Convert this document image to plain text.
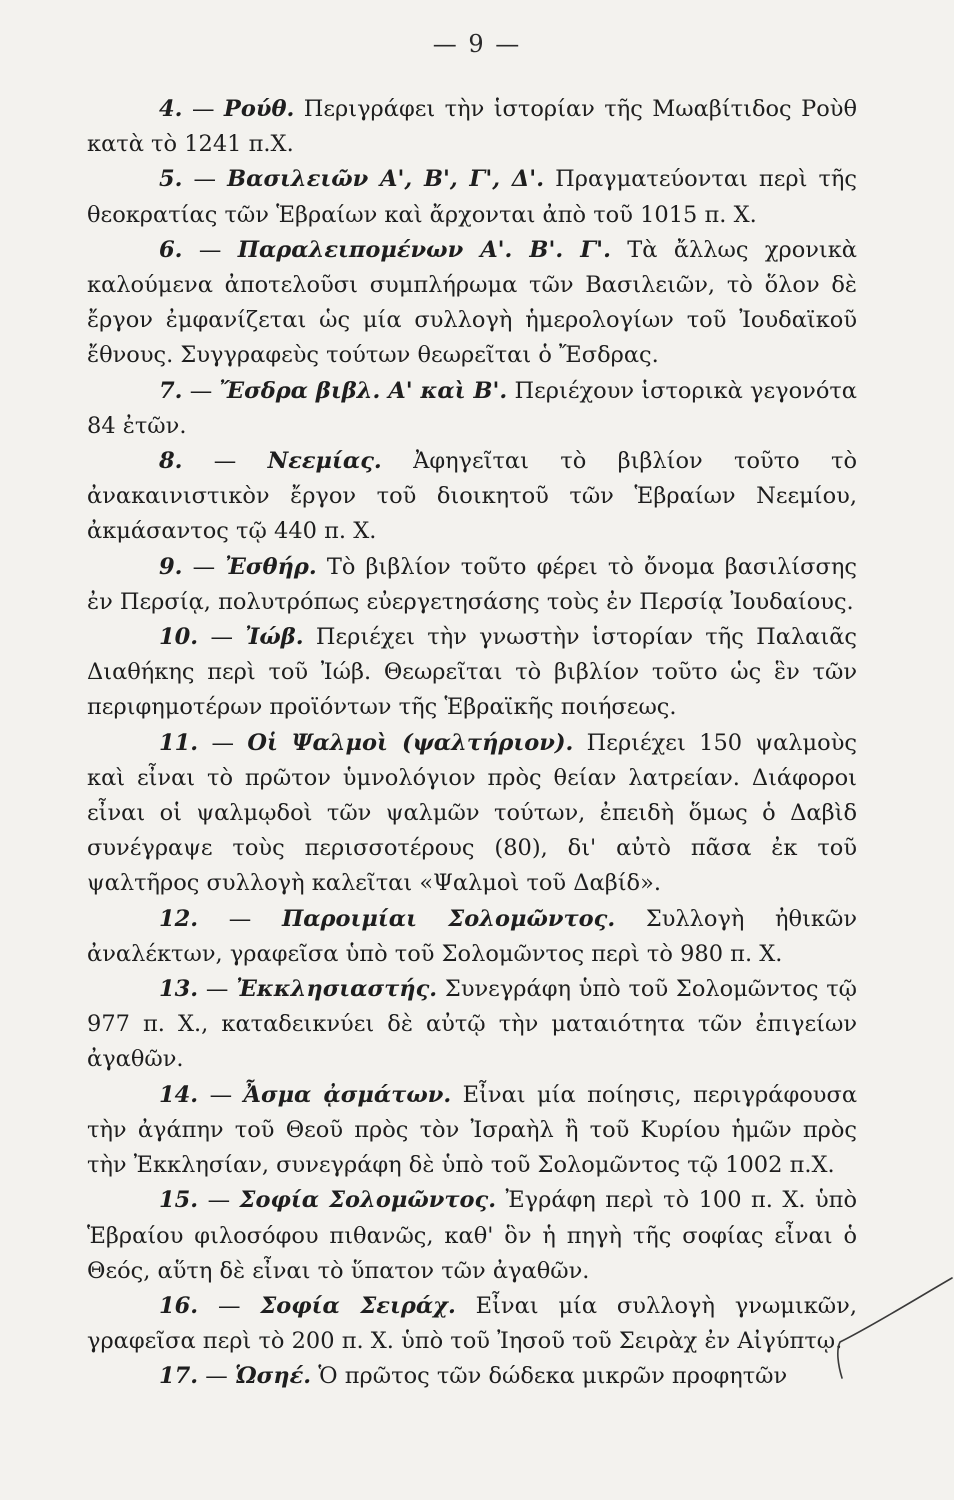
— 9 —

4. — Ρούθ. Περιγράφει τὴν ἱστορίαν τῆς Μωαβίτιδος Ροὺθ κατὰ τὸ 1241 π.Χ.

5. — Βασιλειῶν Α', Β', Γ', Δ'. Πραγματεύονται περὶ τῆς θεοκρατίας τῶν Ἑβραίων καὶ ἄρχονται ἀπὸ τοῦ 1015 π. Χ.

6. — Παραλειπομένων Α'. Β'. Γ'. Τὰ ἄλλως χρονικὰ καλούμενα ἀποτελοῦσι συμπλήρωμα τῶν Βασιλειῶν, τὸ ὅλον δὲ ἔργον ἐμφανίζεται ὡς μία συλλογὴ ἡμερολογίων τοῦ Ἰουδαϊκοῦ ἔθνους. Συγγραφεὺς τούτων θεωρεῖται ὁ Ἔσδρας.

7. — Ἔσδρα βιβλ. Α' καὶ Β'. Περιέχουν ἱστορικὰ γεγονότα 84 ἐτῶν.

8. — Νεεμίας. Ἀφηγεῖται τὸ βιβλίον τοῦτο τὸ ἀνακαινιστικὸν ἔργον τοῦ διοικητοῦ τῶν Ἑβραίων Νεεμίου, ἀκμάσαντος τῷ 440 π. Χ.

9. — Ἐσθήρ. Τὸ βιβλίον τοῦτο φέρει τὸ ὄνομα βασιλίσσης ἐν Περσίᾳ, πολυτρόπως εὐεργετησάσης τοὺς ἐν Περσίᾳ Ἰουδαίους.

10. — Ἰώβ. Περιέχει τὴν γνωστὴν ἱστορίαν τῆς Παλαιᾶς Διαθήκης περὶ τοῦ Ἰώβ. Θεωρεῖται τὸ βιβλίον τοῦτο ὡς ἓν τῶν περιφημοτέρων προϊόντων τῆς Ἑβραϊκῆς ποιήσεως.

11. — Οἱ Ψαλμοὶ (ψαλτήριον). Περιέχει 150 ψαλμοὺς καὶ εἶναι τὸ πρῶτον ὑμνολόγιον πρὸς θείαν λατρείαν. Διάφοροι εἶναι οἱ ψαλμῳδοὶ τῶν ψαλμῶν τούτων, ἐπειδὴ ὅμως ὁ Δαβὶδ συνέγραψε τοὺς περισσοτέρους (80), δι' αὐτὸ πᾶσα ἐκ τοῦ ψαλτῆρος συλλογὴ καλεῖται «Ψαλμοὶ τοῦ Δαβίδ».

12. — Παροιμίαι Σολομῶντος. Συλλογὴ ἠθικῶν ἀναλέκτων, γραφεῖσα ὑπὸ τοῦ Σολομῶντος περὶ τὸ 980 π. Χ.

13. — Ἐκκλησιαστής. Συνεγράφη ὑπὸ τοῦ Σολομῶντος τῷ 977 π. Χ., καταδεικνύει δὲ αὐτῷ τὴν ματαιότητα τῶν ἐπιγείων ἀγαθῶν.

14. — Ἆσμα ᾀσμάτων. Εἶναι μία ποίησις, περιγράφουσα τὴν ἀγάπην τοῦ Θεοῦ πρὸς τὸν Ἰσραὴλ ἢ τοῦ Κυρίου ἡμῶν πρὸς τὴν Ἐκκλησίαν, συνεγράφη δὲ ὑπὸ τοῦ Σολομῶντος τῷ 1002 π.Χ.

15. — Σοφία Σολομῶντος. Ἐγράφη περὶ τὸ 100 π. Χ. ὑπὸ Ἑβραίου φιλοσόφου πιθανῶς, καθ' ὃν ἡ πηγὴ τῆς σοφίας εἶναι ὁ Θεός, αὕτη δὲ εἶναι τὸ ὕπατον τῶν ἀγαθῶν.

16. — Σοφία Σειράχ. Εἶναι μία συλλογὴ γνωμικῶν, γραφεῖσα περὶ τὸ 200 π. Χ. ὑπὸ τοῦ Ἰησοῦ τοῦ Σειρὰχ ἐν Αἰγύπτῳ.

17. — Ὡσηέ. Ὁ πρῶτος τῶν δώδεκα μικρῶν προφητῶν
